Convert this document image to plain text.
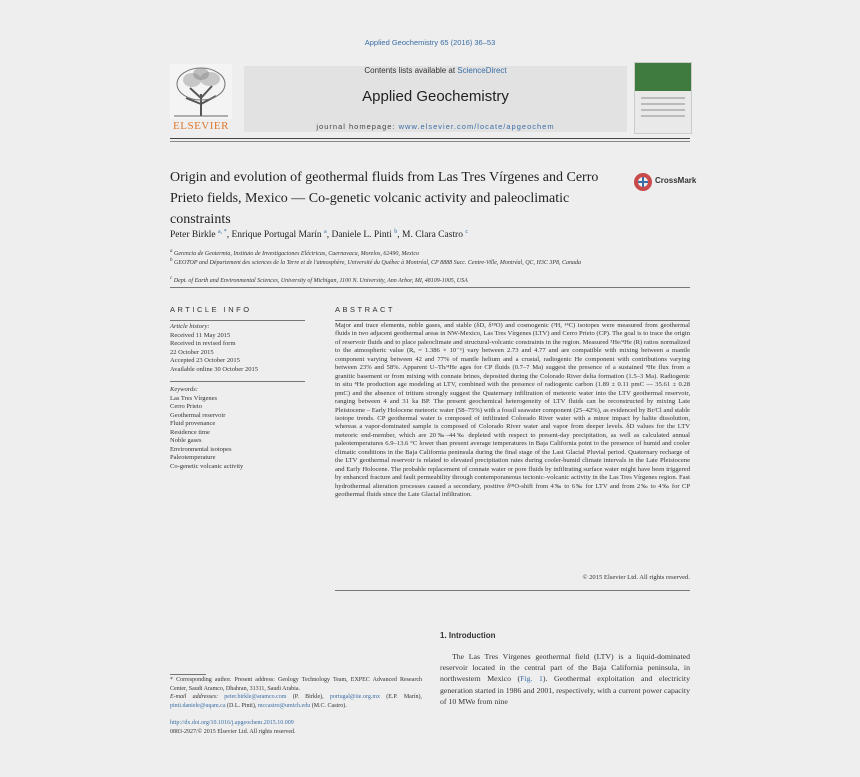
Applied Geochemistry 65 (2016) 36–53
ELSEVIER
Contents lists available at ScienceDirect
Applied Geochemistry
journal homepage: www.elsevier.com/locate/apgeochem
Origin and evolution of geothermal fluids from Las Tres Vírgenes and Cerro Prieto fields, Mexico — Co-genetic volcanic activity and paleoclimatic constraints
CrossMark
Peter Birkle $^{a, *}$, Enrique Portugal Marín $^a$, Daniele L. Pinti $^b$, M. Clara Castro $^c$
$^a$ Gerencia de Geotermia, Instituto de Investigaciones Eléctricas, Cuernavaca, Morelos, 62490, Mexico
$^b$ GEOTOP and Département des sciences de la Terre et de l'atmosphère, Université du Québec à Montréal, CP 8888 Succ. Centre-Ville, Montréal, QC, H3C 3P8, Canada
$^c$ Dept. of Earth and Environmental Sciences, University of Michigan, 1100 N. University, Ann Arbor, MI, 48109-1005, USA
ARTICLE INFO
Article history:
Received 11 May 2015
Received in revised form
22 October 2015
Accepted 23 October 2015
Available online 30 October 2015
Keywords:
Las Tres Vírgenes
Cerro Prieto
Geothermal reservoir
Fluid provenance
Residence time
Noble gases
Environmental isotopes
Paleotemperature
Co-genetic volcanic activity
ABSTRACT
Major and trace elements, noble gases, and stable (δD, δ¹⁸O) and cosmogenic (³H, ¹⁴C) isotopes were measured from geothermal fluids in two adjacent geothermal areas in NW-Mexico, Las Tres Vírgenes (LTV) and Cerro Prieto (CP). The goal is to trace the origin of reservoir fluids and to place paleoclimate and structural-volcanic constraints in the region. Measured ³He/⁴He (R) ratios normalized to the atmospheric value (Rₐ = 1.386 × 10⁻⁶) vary between 2.73 and 4.77 and are compatible with mixing between a mantle component varying between 42 and 77% of mantle helium and a crustal, radiogenic He component with contributions varying between 23% and 58%. Apparent U–Th/⁴He ages for CP fluids (0.7–7 Ma) suggest the presence of a sustained ⁴He flux from a granitic basement or from mixing with connate brines, deposited during the Colorado River delta formation (1.5–3 Ma). Radiogenic in situ ⁴He production age modeling at LTV, combined with the presence of radiogenic carbon (1.89 ± 0.11 pmC — 35.61 ± 0.28 pmC) and the absence of tritium strongly suggest the Quaternary infiltration of meteoric water into the LTV geothermal reservoir, ranging between 4 and 31 ka BP. The present geochemical heterogeneity of LTV fluids can be reconstructed by mixing Late Pleistocene – Early Holocene meteoric water (58–75%) with a fossil seawater component (25–42%), as evidenced by Br/Cl and stable isotope trends. CP geothermal water is composed of infiltrated Colorado River water with a minor impact by halite dissolution, whereas a vapor-dominated sample is composed of Colorado River water and vapor from deeper levels. δD values for the LTV meteoric end-member, which are 20‰–44‰ depleted with respect to present-day precipitation, as well as calculated annual paleotemperatures 6.9–13.6 °C lower than present average temperatures in Baja California point to the presence of humid and cooler climatic conditions in the Baja California peninsula during the final stage of the Last Glacial Pluvial period. Quaternary recharge of the LTV geothermal reservoir is related to elevated precipitation rates during cooler-humid climate intervals in the Late Pleistocene and Early Holocene. The probable replacement of connate water or pore fluids by infiltrating surface water might have been triggered by enhanced fracture and fault permeability through contemporaneous tectonic–volcanic activity in the Las Tres Vírgenes region. Fast hydrothermal alteration processes caused a secondary, positive δ¹⁸O-shift from 4‰ to 6‰ for LTV and from 2‰ to 4‰ for CP geothermal fluids since the Late Glacial infiltration.
© 2015 Elsevier Ltd. All rights reserved.
1. Introduction
The Las Tres Vírgenes geothermal field (LTV) is a liquid-dominated reservoir located in the central part of the Baja California peninsula, in northwestern Mexico (Fig. 1). Geothermal exploitation and electricity generation started in 1986 and 2001, respectively, with a current power capacity of 10 MWe from nine
* Corresponding author. Present address: Geology Technology Team, EXPEC Advanced Research Center, Saudi Aramco, Dhahran, 31311, Saudi Arabia.
E-mail addresses: peter.birkle@aramco.com (P. Birkle), portugal@iie.org.mx (E.P. Marín), pinti.daniele@uqam.ca (D.L. Pinti), mccastro@umich.edu (M.C. Castro).
http://dx.doi.org/10.1016/j.apgeochem.2015.10.009
0883-2927/© 2015 Elsevier Ltd. All rights reserved.
